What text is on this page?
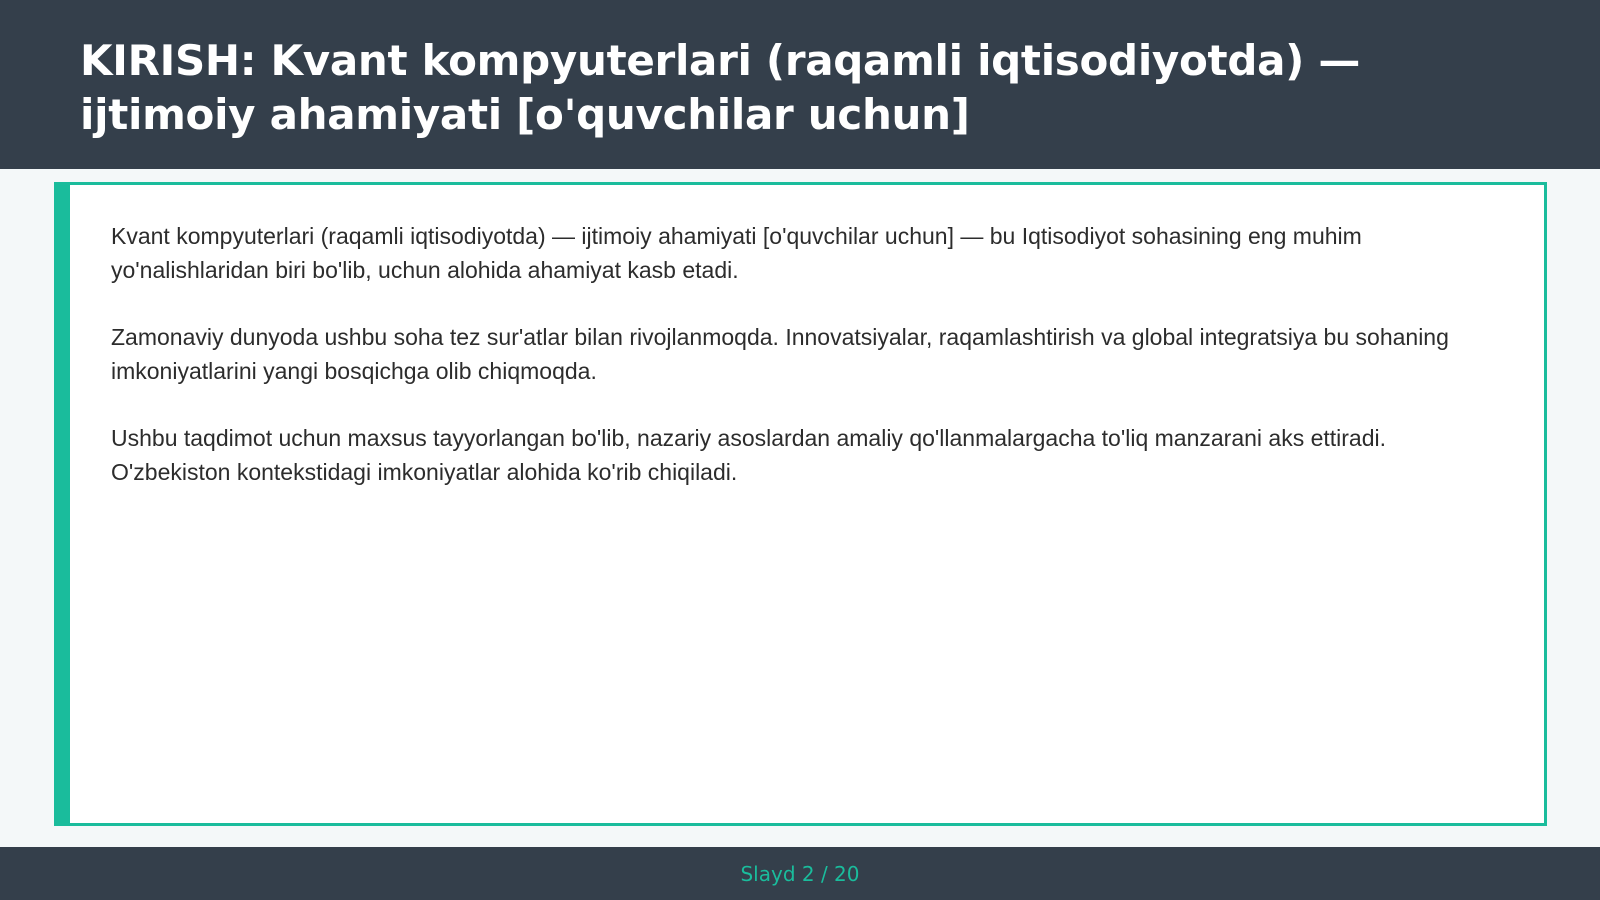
KIRISH: Kvant kompyuterlari (raqamli iqtisodiyotda) — ijtimoiy ahamiyati [o'quvchilar uchun]

Kvant kompyuterlari (raqamli iqtisodiyotda) — ijtimoiy ahamiyati [o'quvchilar uchun] — bu Iqtisodiyot sohasining eng muhim yo'nalishlaridan biri bo'lib, uchun alohida ahamiyat kasb etadi.

Zamonaviy dunyoda ushbu soha tez sur'atlar bilan rivojlanmoqda. Innovatsiyalar, raqamlashtirish va global integratsiya bu sohaning imkoniyatlarini yangi bosqichga olib chiqmoqda.

Ushbu taqdimot uchun maxsus tayyorlangan bo'lib, nazariy asoslardan amaliy qo'llanmalargacha to'liq manzarani aks ettiradi. O'zbekiston kontekstidagi imkoniyatlar alohida ko'rib chiqiladi.

Slayd 2 / 20
